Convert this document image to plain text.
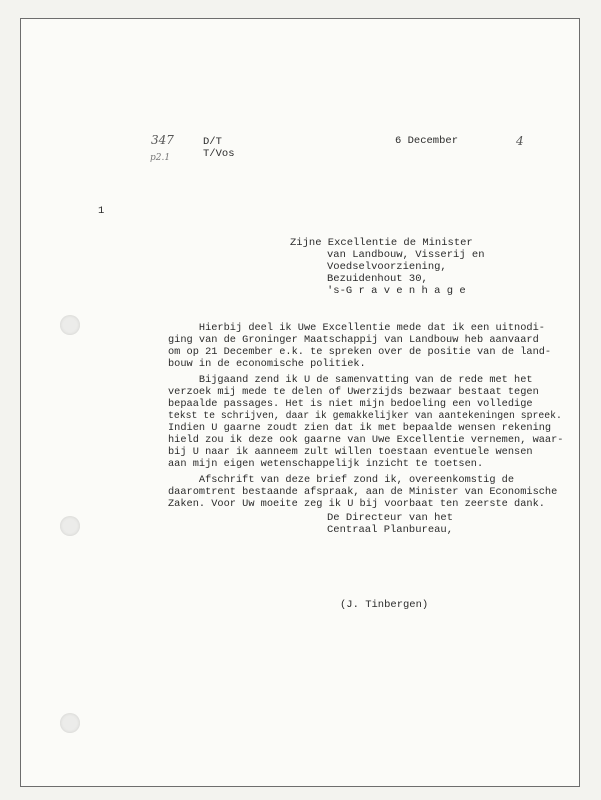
347
p2.1
D/T
T/Vos
6 December	4
1
Zijne Excellentie de Minister
van Landbouw, Visserij en
Voedselvoorziening,
Bezuidenhout 30,
's-G r a v e n h a g e
Hierbij deel ik Uwe Excellentie mede dat ik een uitnodi-
ging van de Groninger Maatschappij van Landbouw heb aanvaard
om op 21 December e.k. te spreken over de positie van de land-
bouw in de economische politiek.
Bijgaand zend ik U de samenvatting van de rede met het
verzoek mij mede te delen of Uwerzijds bezwaar bestaat tegen
bepaalde passages. Het is niet mijn bedoeling een volledige
tekst te schrijven, daar ik gemakkelijker van aantekeningen spreek.
Indien U gaarne zoudt zien dat ik met bepaalde wensen rekening
hield zou ik deze ook gaarne van Uwe Excellentie vernemen, waar-
bij U naar ik aanneem zult willen toestaan eventuele wensen
aan mijn eigen wetenschappelijk inzicht te toetsen.
Afschrift van deze brief zond ik, overeenkomstig de
daaromtrent bestaande afspraak, aan de Minister van Economische
Zaken. Voor Uw moeite zeg ik U bij voorbaat ten zeerste dank.
De Directeur van het
Centraal Planbureau,
(J. Tinbergen)
